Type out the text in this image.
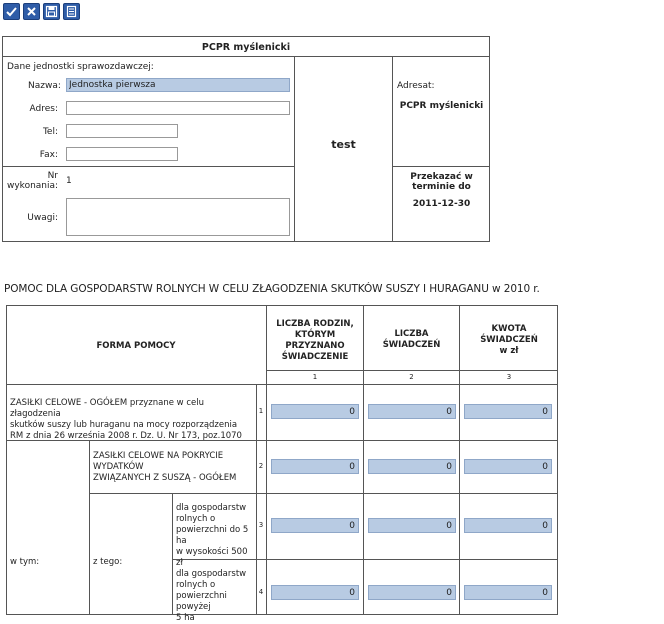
PCPR myślenicki
Dane jednostki sprawozdawczej:
Nazwa:
Jednostka pierwsza
Adres:
Tel:
Fax:
test
Adresat:
PCPR myślenicki
Nr
wykonania: 1
Uwagi:
Przekazać w
terminie do
2011-12-30
POMOC DLA GOSPODARSTW ROLNYCH W CELU ZŁAGODZENIA SKUTKÓW SUSZY I HURAGANU w 2010 r.
FORMA POMOCY
LICZBA RODZIN,
KTÓRYM
PRZYZNANO
ŚWIADCZENIE
LICZBA
ŚWIADCZEŃ
KWOTA
ŚWIADCZEŃ
w zł
1	2	3
ZASIŁKI CELOWE - OGÓŁEM przyznane w celu złagodzenia
skutków suszy lub huraganu na mocy rozporządzenia
RM z dnia 26 września 2008 r. Dz. U. Nr 173, poz.1070
1
0
0
0
w tym:
ZASIŁKI CELOWE NA POKRYCIE
WYDATKÓW
ZWIĄZANYCH Z SUSZĄ - OGÓŁEM
2
0
0
0
z tego:
dla gospodarstw
rolnych o
powierzchni do 5 ha
w wysokości 500 zł
3
0
0
0
dla gospodarstw
rolnych o
powierzchni powyżej
5 ha
4
0
0
0
